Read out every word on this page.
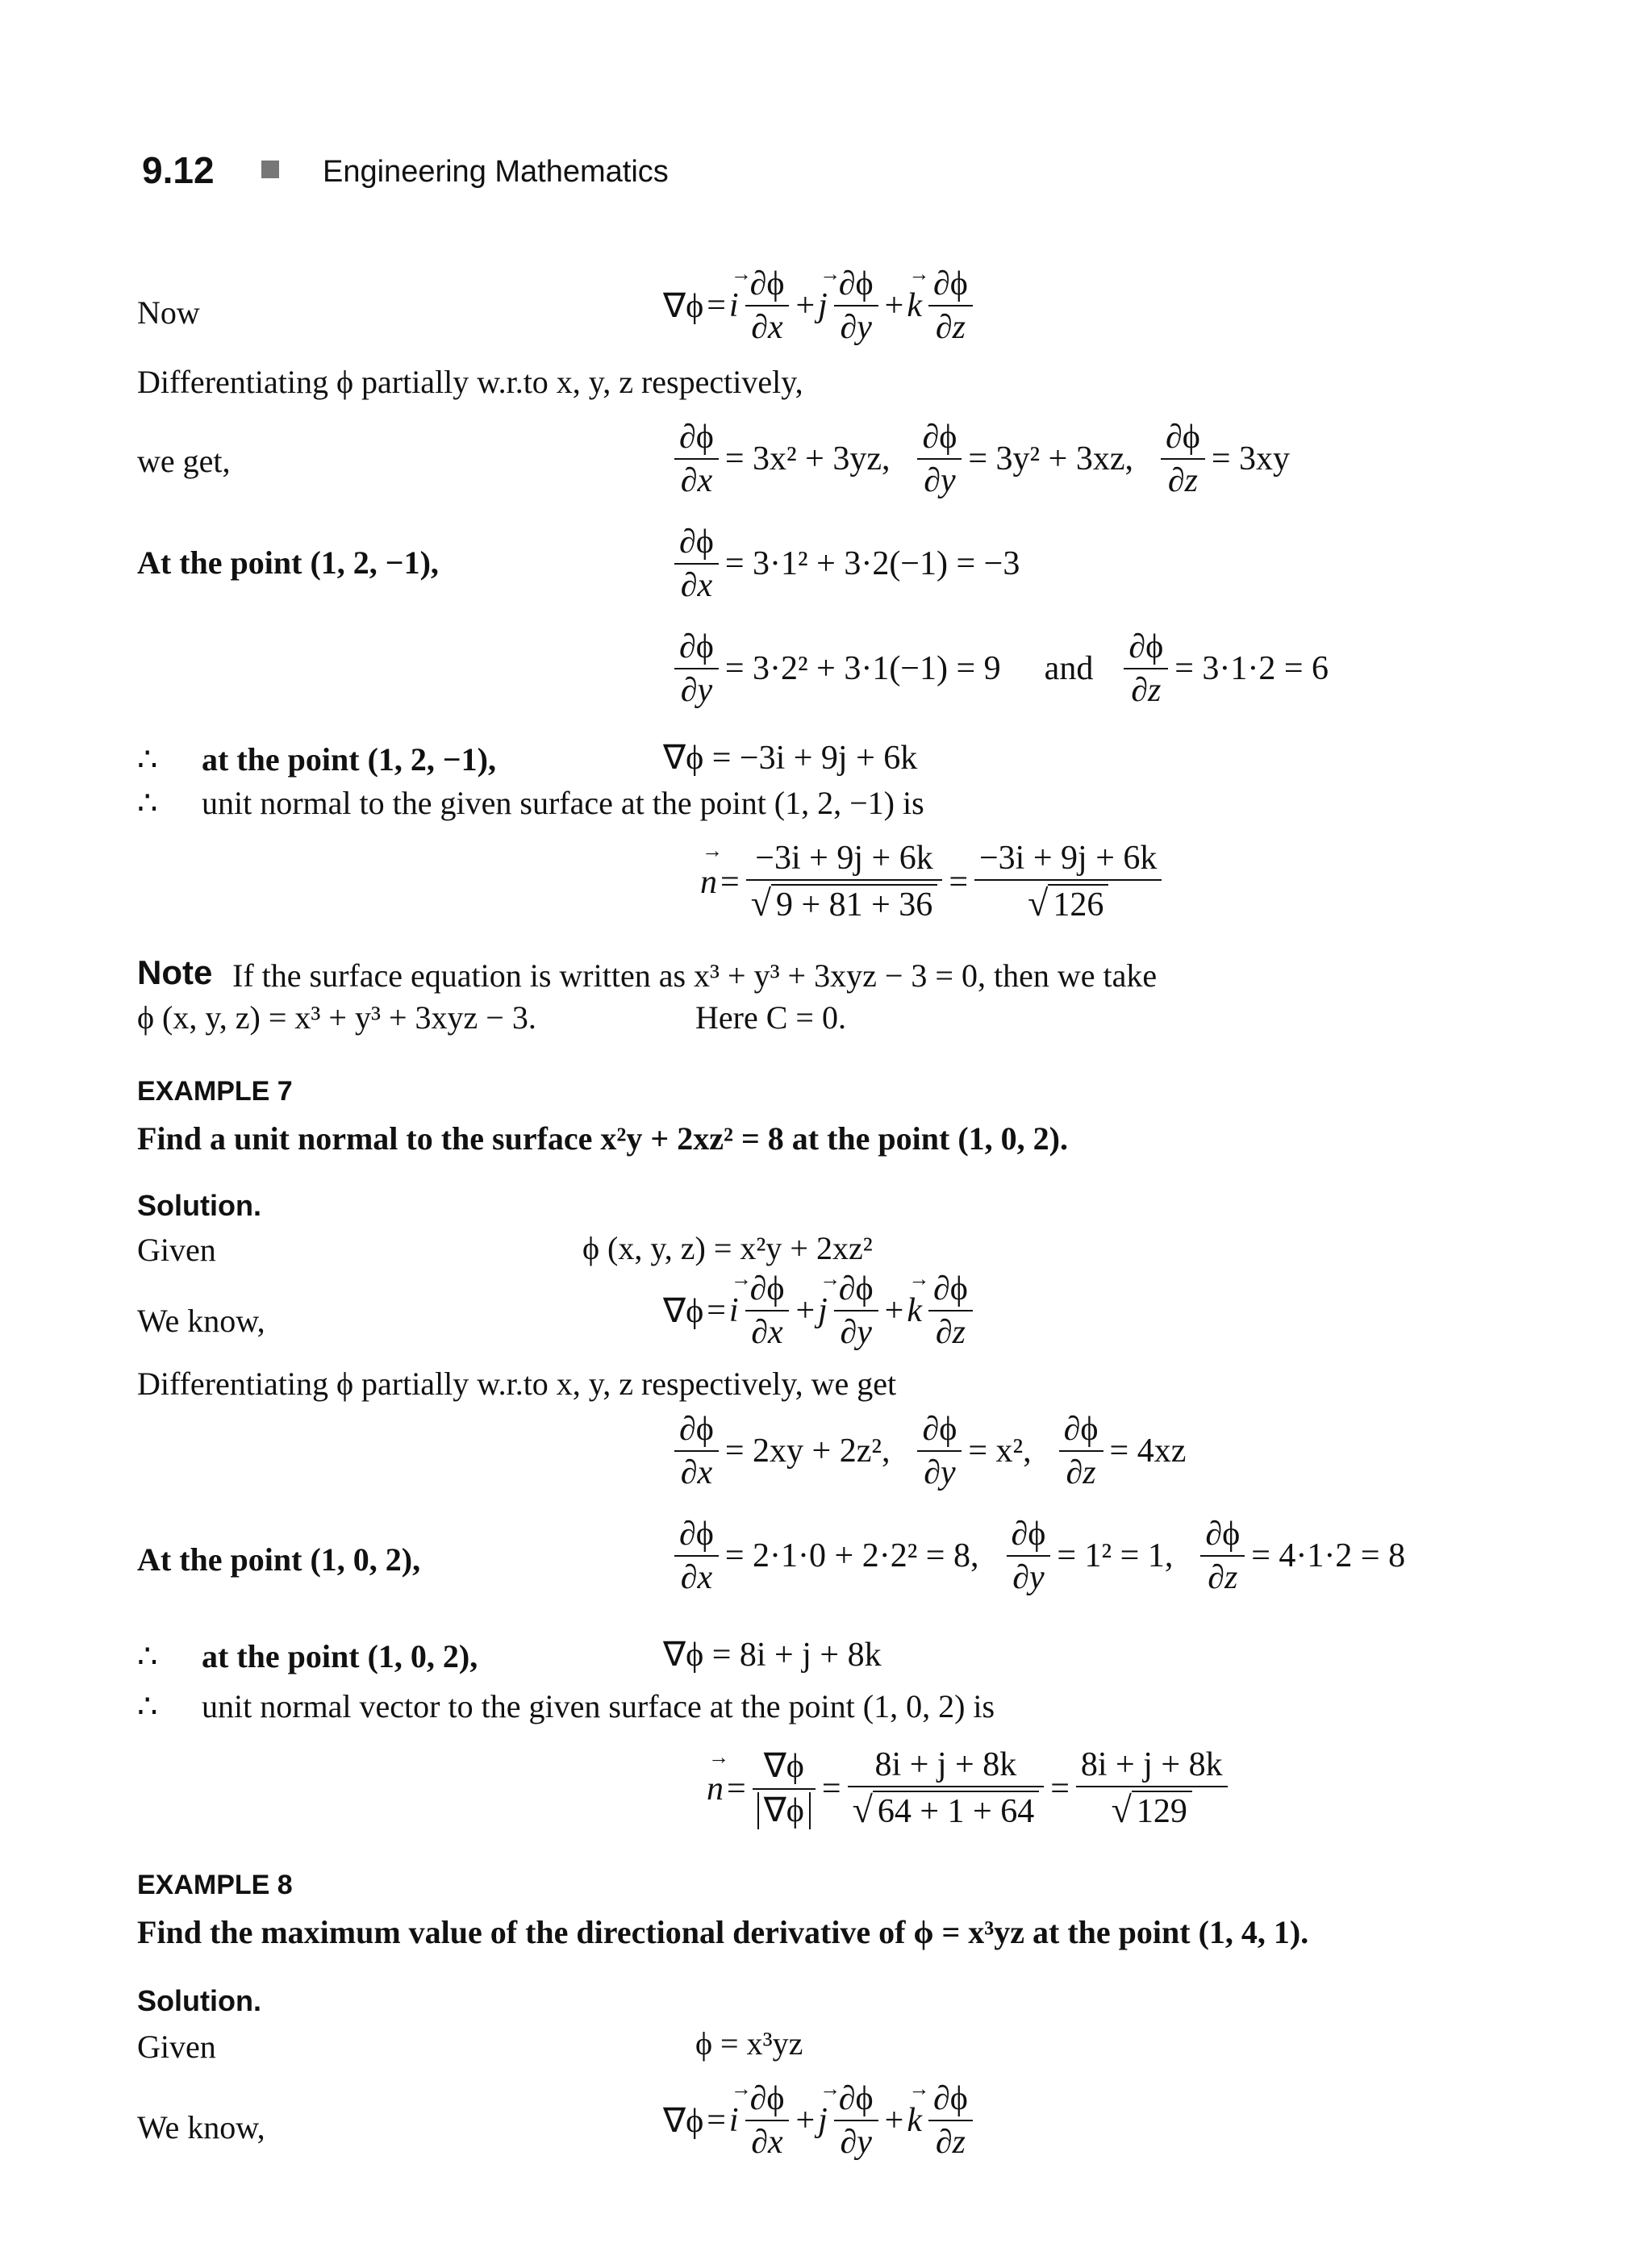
9.12	Engineering Mathematics
Now	∇ϕ = → i $\frac{\partial\phi}{\partial x}$ + → j $\frac{\partial\phi}{\partial y}$ + → k $\frac{\partial\phi}{\partial z}$
Differentiating ϕ partially w.r.to x, y, z respectively,
we get,	$\frac{\partial\phi}{\partial x} = 3x^2 + 3yz$, $\frac{\partial\phi}{\partial y} = 3y^2 + 3xz$, $\frac{\partial\phi}{\partial z} = 3xy$
At the point (1, 2, −1),	$\frac{\partial\phi}{\partial x} = 3\cdot 1^2 + 3\cdot 2(-1) = -3$
$\frac{\partial\phi}{\partial y} = 3\cdot 2^2 + 3\cdot 1(-1) = 9$ and $\frac{\partial\phi}{\partial z} = 3\cdot 1\cdot 2 = 6$
∴ at the point (1, 2, −1),	∇ϕ = −3i + 9j + 6k
∴ unit normal to the given surface at the point (1, 2, −1) is
→ $n = \frac{-3i + 9j + 6k}{√ 9 + 81 + 36} = \frac{-3i + 9j + 6k}{√ 126}$
Note If the surface equation is written as x³ + y³ + 3xyz − 3 = 0, then we take
ϕ (x, y, z) = x³ + y³ + 3xyz − 3.	Here C = 0.
EXAMPLE 7
Find a unit normal to the surface x²y + 2xz² = 8 at the point (1, 0, 2).
Solution.
Given	ϕ (x, y, z) = x²y + 2xz²
We know,	∇ϕ = → i $\frac{\partial\phi}{\partial x}$ + → j $\frac{\partial\phi}{\partial y}$ + → k $\frac{\partial\phi}{\partial z}$
Differentiating ϕ partially w.r.to x, y, z respectively, we get
$\frac{\partial\phi}{\partial x} = 2xy + 2z^2$, $\frac{\partial\phi}{\partial y} = x^2$, $\frac{\partial\phi}{\partial z} = 4xz$
At the point (1, 0, 2),	$\frac{\partial\phi}{\partial x} = 2\cdot 1\cdot 0 + 2\cdot 2^2 = 8$, $\frac{\partial\phi}{\partial y} = 1^2 = 1$, $\frac{\partial\phi}{\partial z} = 4\cdot 1\cdot 2 = 8$
∴ at the point (1, 0, 2),	∇ϕ = 8i + j + 8k
∴ unit normal vector to the given surface at the point (1, 0, 2) is
→ $n = \frac{\nabla\phi}{\nabla\phi} = \frac{8i + j + 8k}{√ 64 + 1 + 64} = \frac{8i + j + 8k}{√ 129}$
EXAMPLE 8
Find the maximum value of the directional derivative of ϕ = x³yz at the point (1, 4, 1).
Solution.
Given	ϕ = x³yz
We know,	∇ϕ = → i $\frac{\partial\phi}{\partial x}$ + → j $\frac{\partial\phi}{\partial y}$ + → k $\frac{\partial\phi}{\partial z}$
